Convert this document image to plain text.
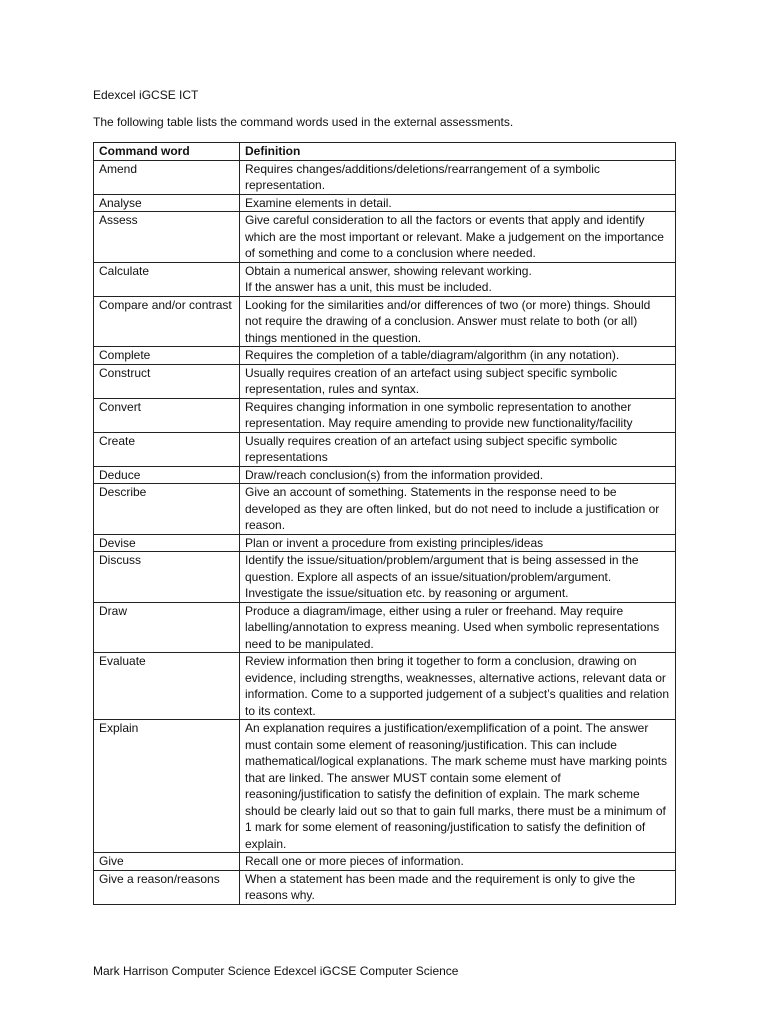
Edexcel iGCSE ICT

The following table lists the command words used in the external assessments.

Command word	Definition
Amend	Requires changes/additions/deletions/rearrangement of a symbolic representation.
Analyse	Examine elements in detail.
Assess	Give careful consideration to all the factors or events that apply and identify which are the most important or relevant. Make a judgement on the importance of something and come to a conclusion where needed.
Calculate	Obtain a numerical answer, showing relevant working.
If the answer has a unit, this must be included.
Compare and/or contrast	Looking for the similarities and/or differences of two (or more) things. Should not require the drawing of a conclusion. Answer must relate to both (or all) things mentioned in the question.
Complete	Requires the completion of a table/diagram/algorithm (in any notation).
Construct	Usually requires creation of an artefact using subject specific symbolic representation, rules and syntax.
Convert	Requires changing information in one symbolic representation to another representation. May require amending to provide new functionality/facility
Create	Usually requires creation of an artefact using subject specific symbolic representations
Deduce	Draw/reach conclusion(s) from the information provided.
Describe	Give an account of something. Statements in the response need to be developed as they are often linked, but do not need to include a justification or reason.
Devise	Plan or invent a procedure from existing principles/ideas
Discuss	Identify the issue/situation/problem/argument that is being assessed in the question. Explore all aspects of an issue/situation/problem/argument. Investigate the issue/situation etc. by reasoning or argument.
Draw	Produce a diagram/image, either using a ruler or freehand. May require labelling/annotation to express meaning. Used when symbolic representations need to be manipulated.
Evaluate	Review information then bring it together to form a conclusion, drawing on evidence, including strengths, weaknesses, alternative actions, relevant data or information. Come to a supported judgement of a subject’s qualities and relation to its context.
Explain	An explanation requires a justification/exemplification of a point. The answer must contain some element of reasoning/justification. This can include mathematical/logical explanations. The mark scheme must have marking points that are linked. The answer MUST contain some element of reasoning/justification to satisfy the definition of explain. The mark scheme should be clearly laid out so that to gain full marks, there must be a minimum of 1 mark for some element of reasoning/justification to satisfy the definition of explain.
Give	Recall one or more pieces of information.
Give a reason/reasons	When a statement has been made and the requirement is only to give the reasons why.

Mark Harrison Computer Science Edexcel iGCSE Computer Science
